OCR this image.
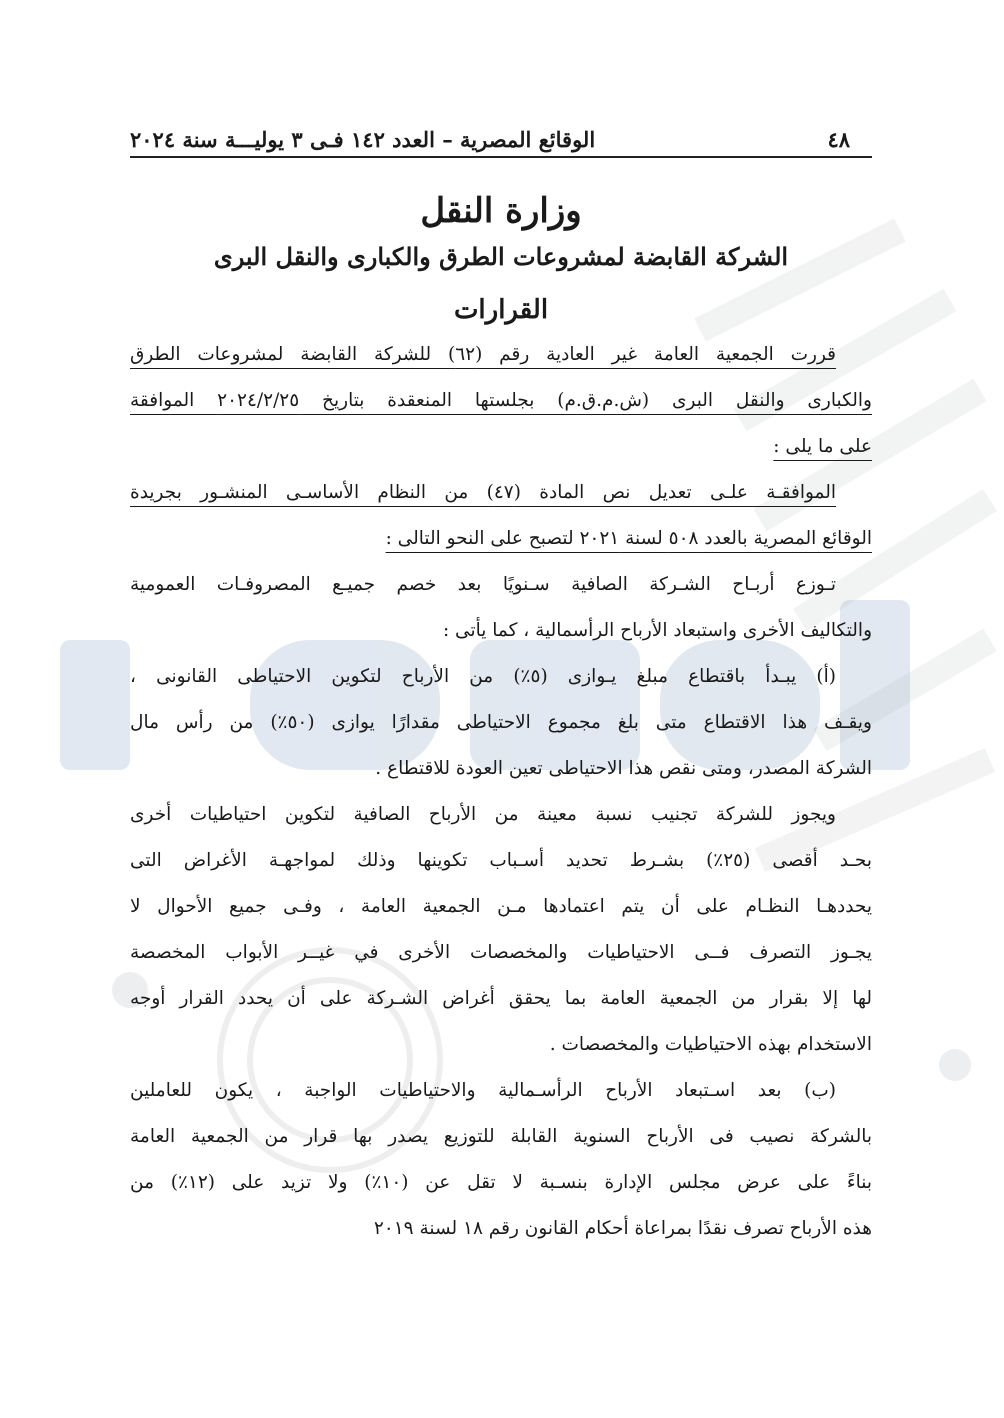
٤٨
الوقائع المصرية – العدد ١٤٢ فـى ٣ يوليـــة سنة ٢٠٢٤
وزارة النقل
الشركة القابضة لمشروعات الطرق والكبارى والنقل البرى
القرارات
قررت الجمعية العامة غير العادية رقم (٦٢) للشركة القابضة لمشروعات الطرق
والكبارى والنقل البرى (ش.م.ق.م) بجلستها المنعقدة بتاريخ ٢٠٢٤/٢/٢٥ الموافقة
على ما يلى :
الموافقـة علـى تعديل نص المادة (٤٧) من النظام الأساسـى المنشـور بجريدة
الوقائع المصرية بالعدد ٥٠٨ لسنة ٢٠٢١ لتصبح على النحو التالى :
تـوزع أربـاح الشـركة الصافية سـنويًا بعد خصم جميـع المصروفـات العمومية
والتكاليف الأخرى واستبعاد الأرباح الرأسمالية ، كما يأتى :
(أ) يبـدأ باقتطاع مبلغ يـوازى (٥٪) من الأرباح لتكوين الاحتياطى القانونى ،
ويقـف هذا الاقتطاع متى بلغ مجموع الاحتياطى مقدارًا يوازى (٥٠٪) من رأس مال
الشركة المصدر، ومتى نقص هذا الاحتياطى تعين العودة للاقتطاع .
ويجوز للشركة تجنيب نسبة معينة من الأرباح الصافية لتكوين احتياطيات أخرى
بحـد أقصى (٢٥٪) بشـرط تحديد أسـباب تكوينها وذلك لمواجهـة الأغراض التى
يحددهـا النظـام على أن يتم اعتمادها مـن الجمعية العامة ، وفـى جميع الأحوال لا
يجـوز التصرف فــى الاحتياطيات والمخصصات الأخرى في غيــر الأبواب المخصصة
لها إلا بقرار من الجمعية العامة بما يحقق أغراض الشـركة على أن يحدد القرار أوجه
الاستخدام بهذه الاحتياطيات والمخصصات .
(ب) بعد اسـتبعاد الأرباح الرأسـمالية والاحتياطيات الواجبة ، يكون للعاملين
بالشركة نصيب فى الأرباح السنوية القابلة للتوزيع يصدر بها قرار من الجمعية العامة
بناءً على عرض مجلس الإدارة بنسـبة لا تقل عن (١٠٪) ولا تزيد على (١٢٪) من
هذه الأرباح تصرف نقدًا بمراعاة أحكام القانون رقم ١٨ لسنة ٢٠١٩
